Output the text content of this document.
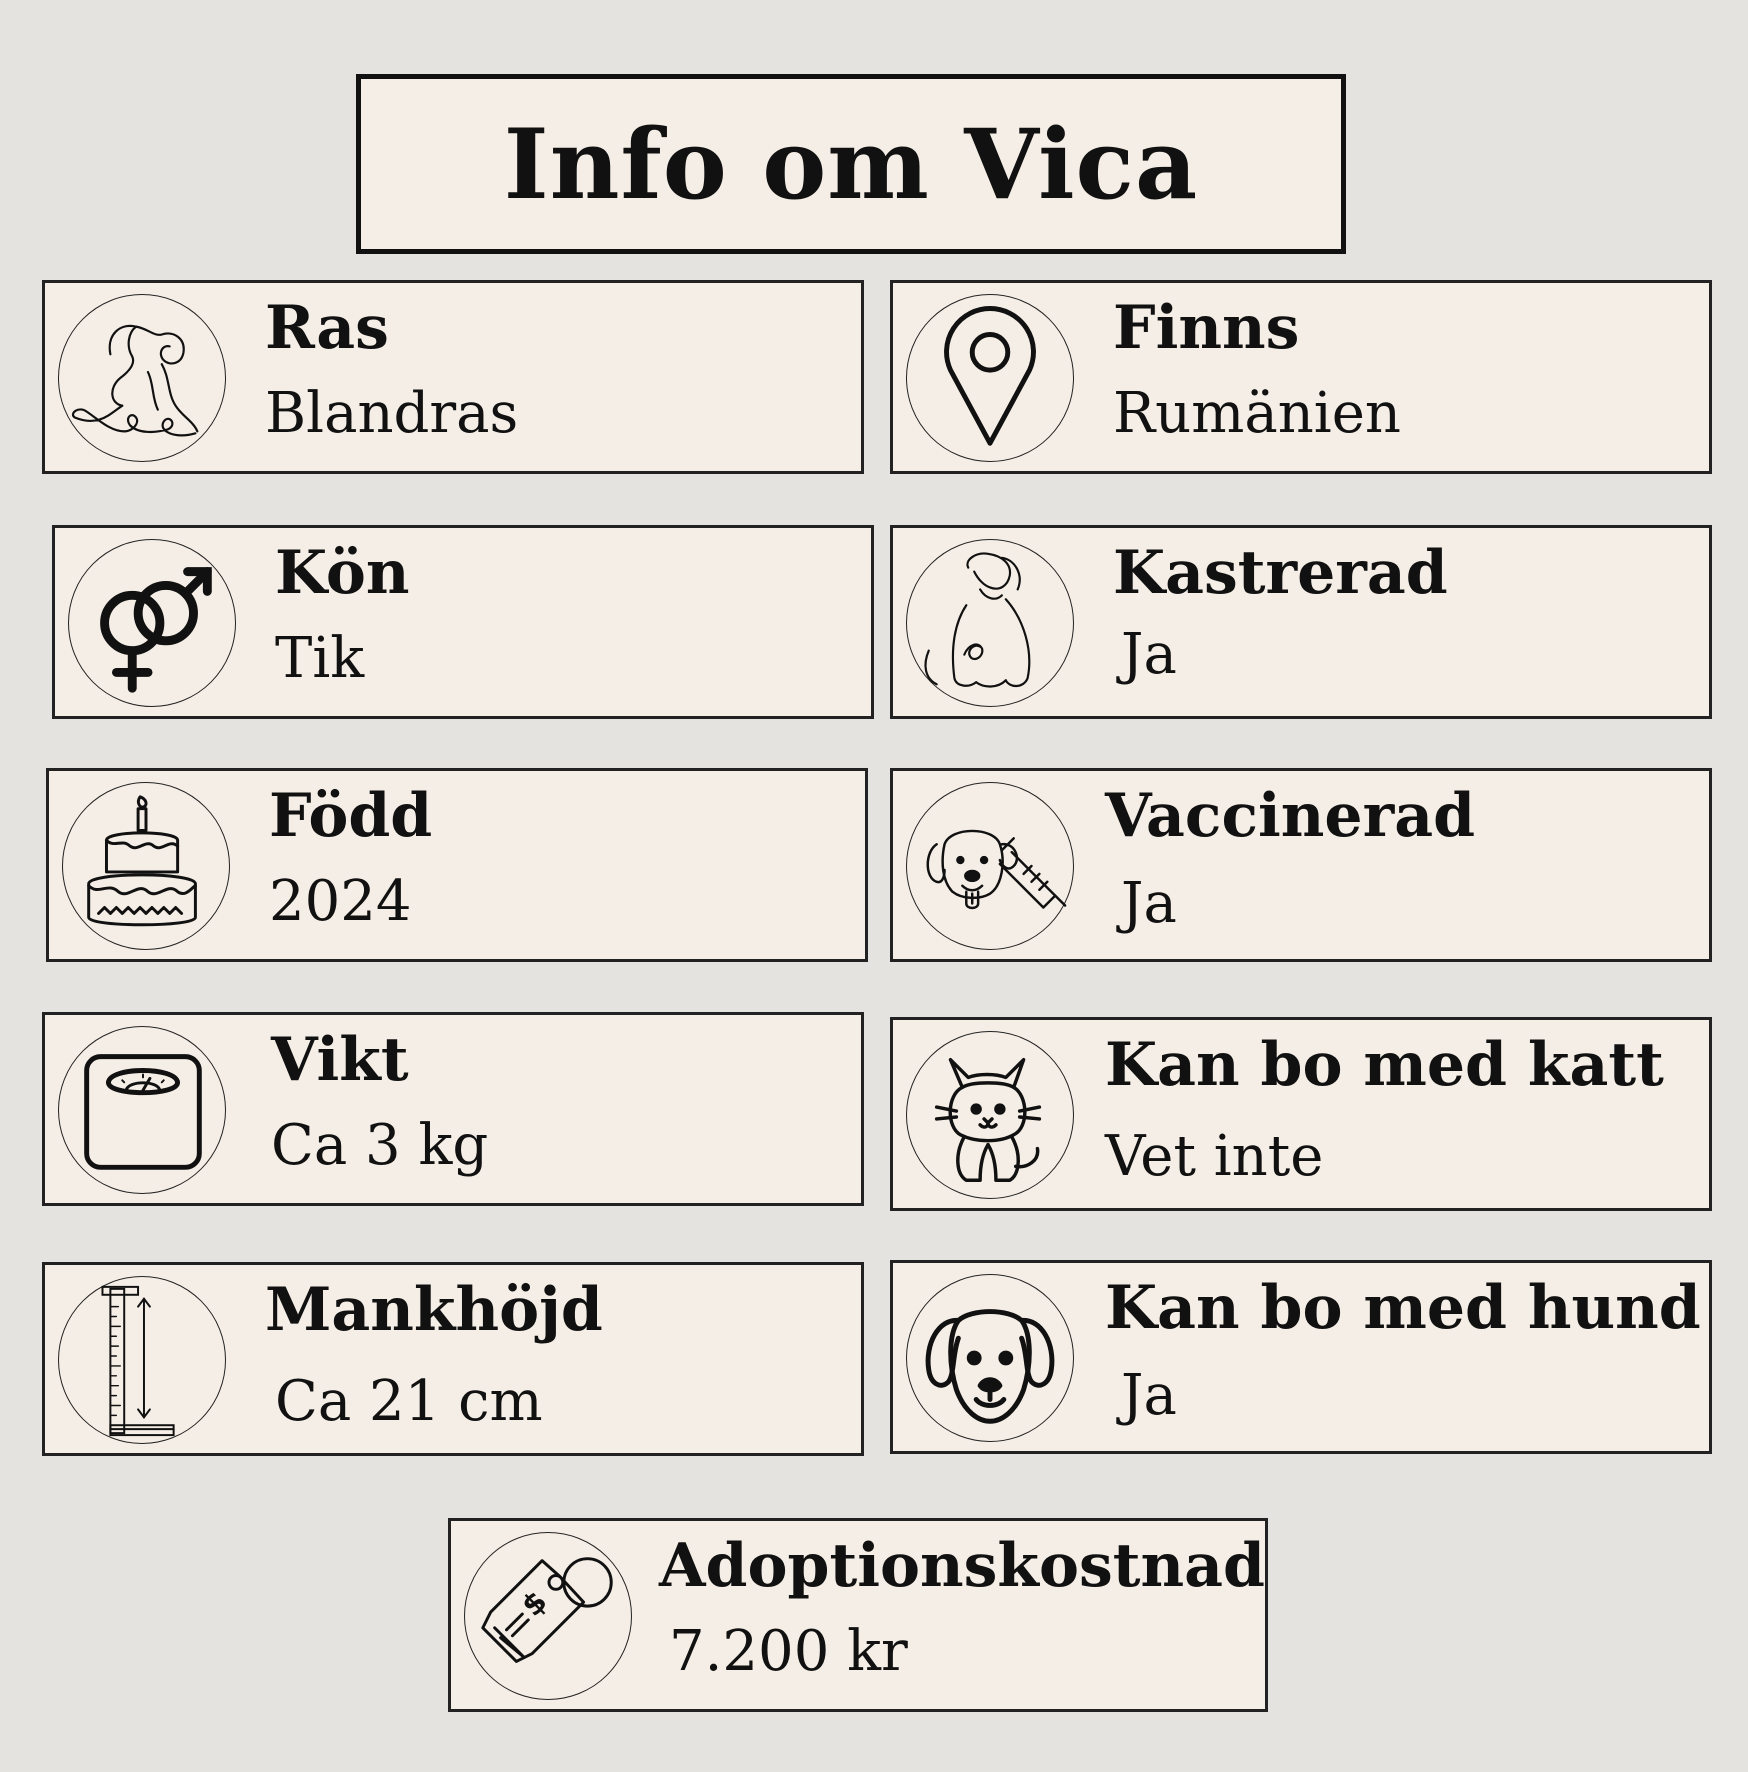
Info om Vica
Ras
Blandras
Finns
Rumänien
Kön
Tik
Kastrerad
Ja
Född
2024
Vaccinerad
Ja
Vikt
Ca 3 kg
Kan bo med katt
Vet inte
Mankhöjd
Ca 21 cm
Kan bo med hund
Ja
$
Adoptionskostnad
7.200 kr
